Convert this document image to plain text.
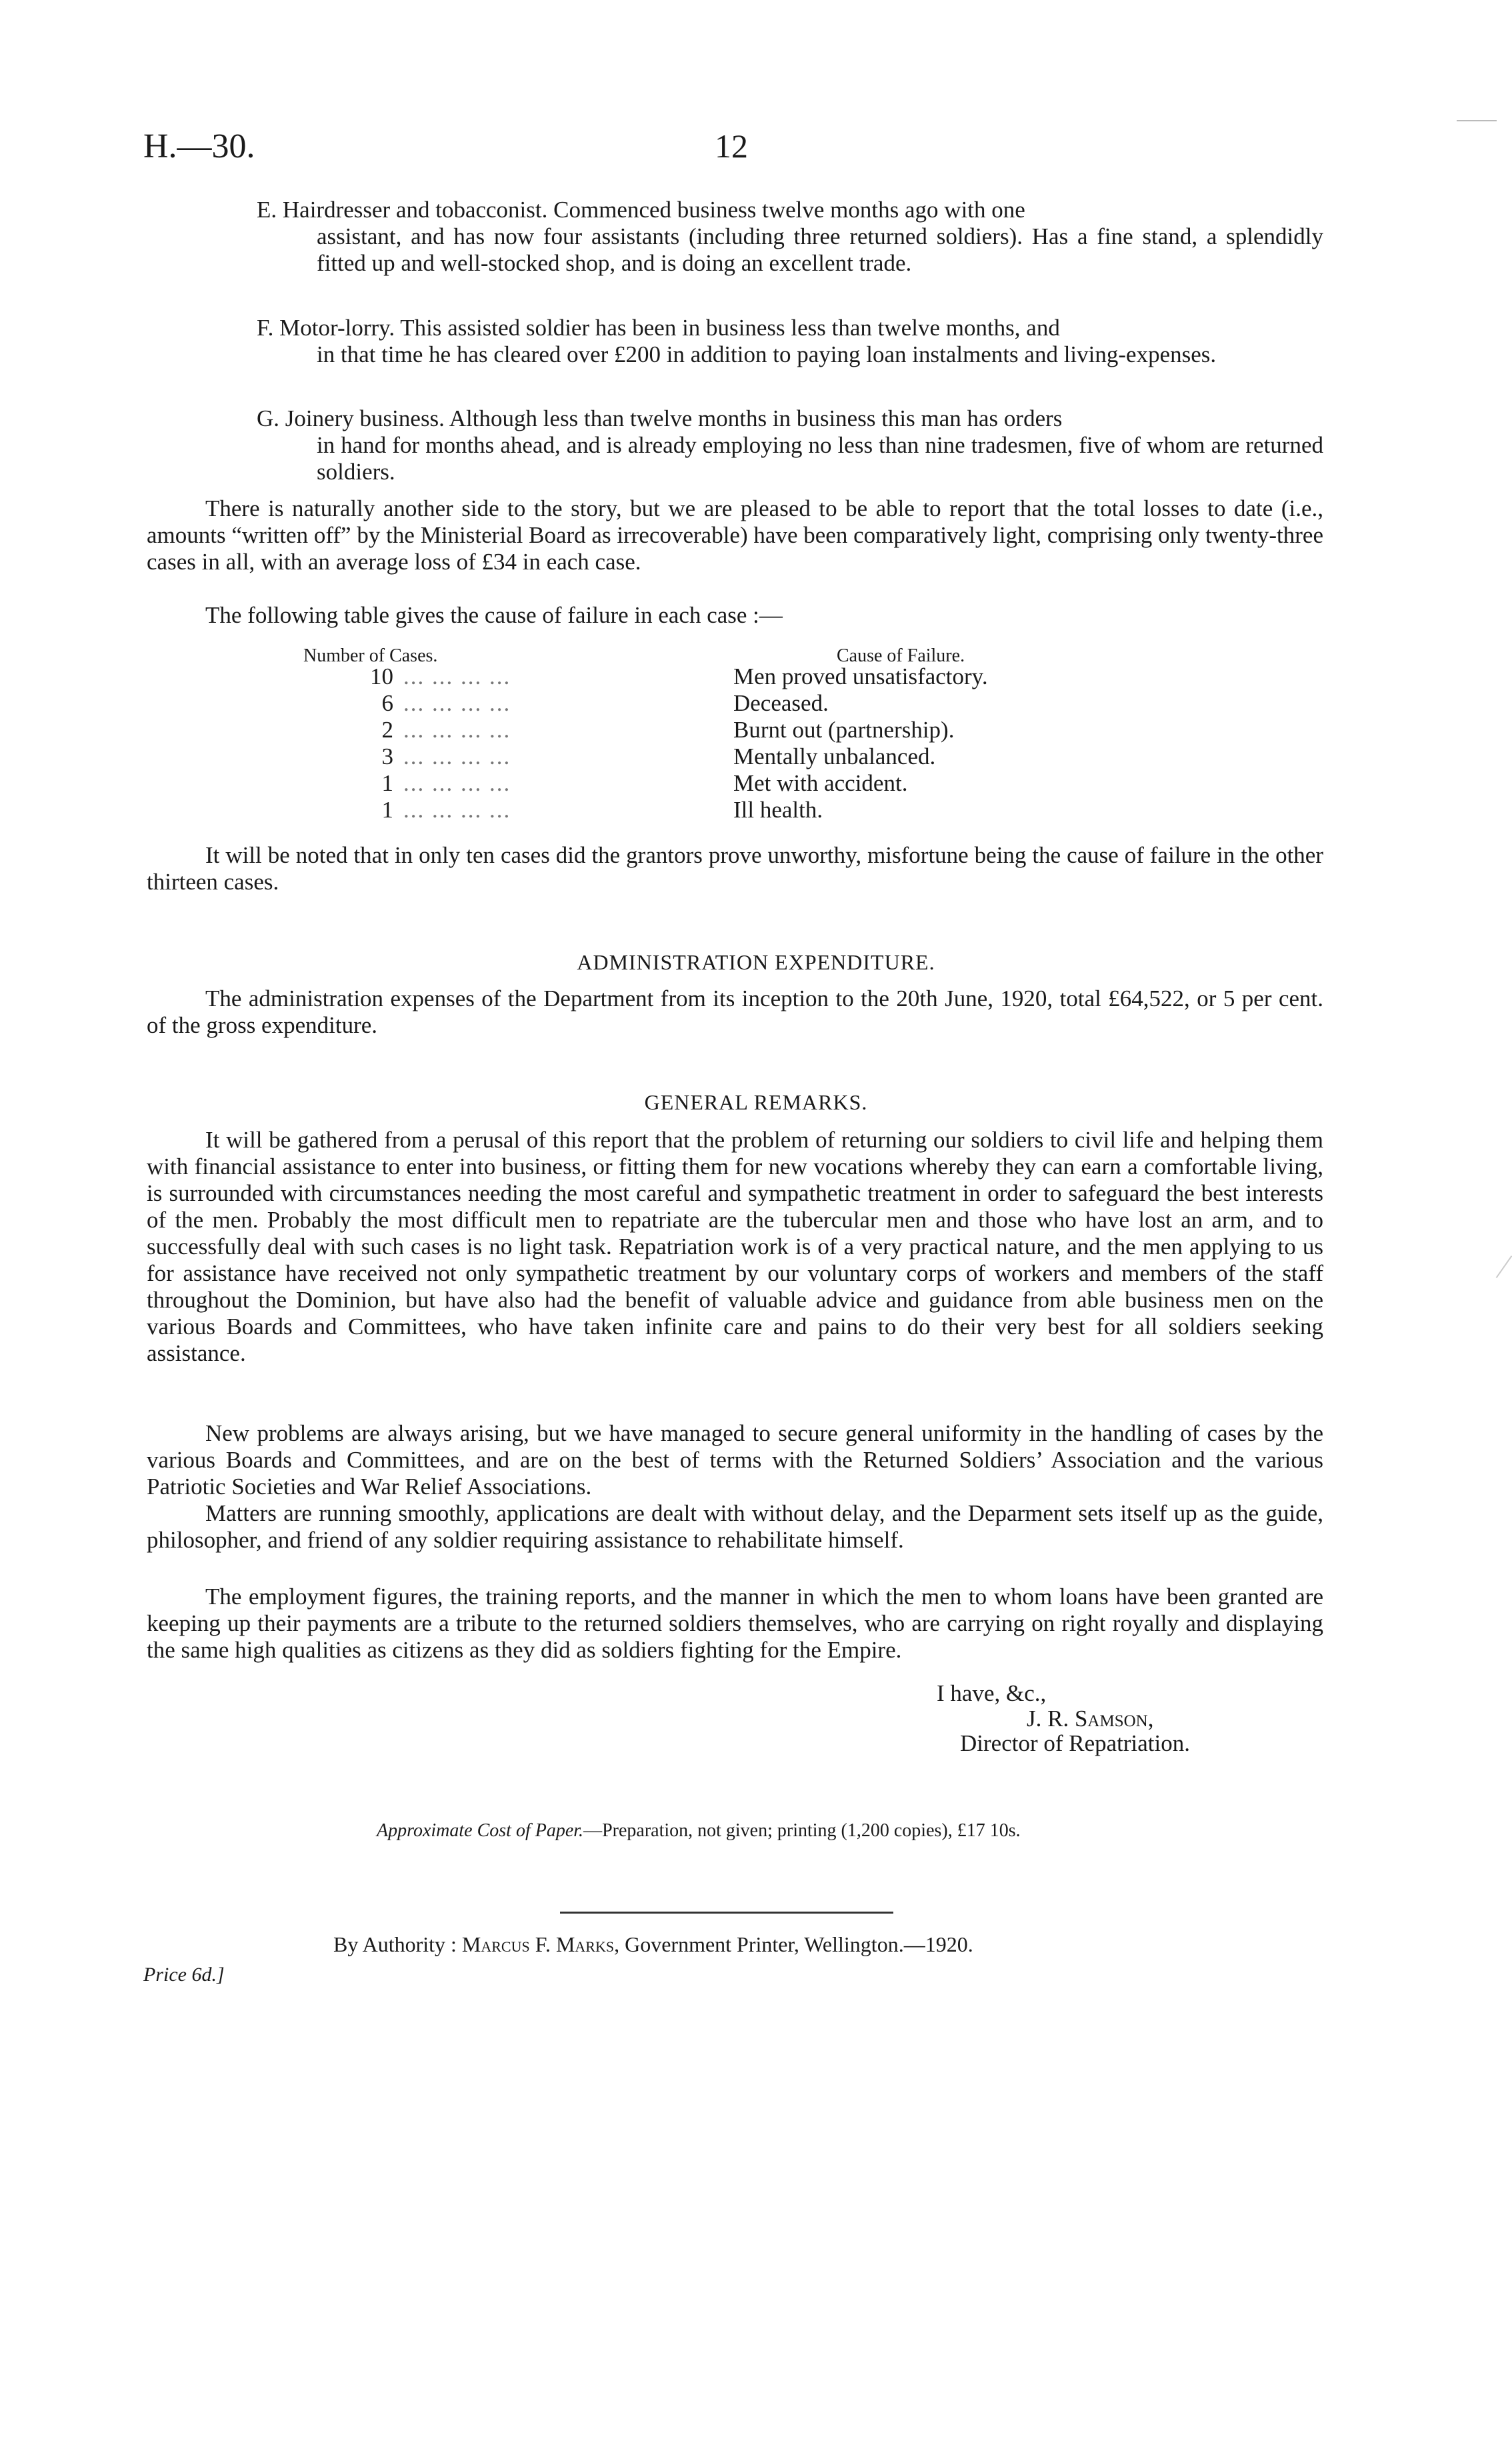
H.—30.	12
E. Hairdresser and tobacconist. Commenced business twelve months ago with one
assistant, and has now four assistants (including three returned soldiers). Has a fine stand, a splendidly fitted up and well-stocked shop, and is doing an excellent trade.
F. Motor-lorry. This assisted soldier has been in business less than twelve months, and
in that time he has cleared over £200 in addition to paying loan instalments and living-expenses.
G. Joinery business. Although less than twelve months in business this man has orders
in hand for months ahead, and is already employing no less than nine tradesmen, five of whom are returned soldiers.
There is naturally another side to the story, but we are pleased to be able to report that the total losses to date (i.e., amounts “written off” by the Ministerial Board as irrecoverable) have been comparatively light, comprising only twenty-three cases in all, with an average loss of £34 in each case.
The following table gives the cause of failure in each case :—
Number of Cases.	Cause of Failure.
10 ... ... ... ...	Men proved unsatisfactory.
6 ... ... ... ...	Deceased.
2 ... ... ... ...	Burnt out (partnership).
3 ... ... ... ...	Mentally unbalanced.
1 ... ... ... ...	Met with accident.
1 ... ... ... ...	Ill health.
It will be noted that in only ten cases did the grantors prove unworthy, misfortune being the cause of failure in the other thirteen cases.
ADMINISTRATION EXPENDITURE.
The administration expenses of the Department from its inception to the 20th June, 1920, total £64,522, or 5 per cent. of the gross expenditure.
GENERAL REMARKS.
It will be gathered from a perusal of this report that the problem of returning our soldiers to civil life and helping them with financial assistance to enter into business, or fitting them for new vocations whereby they can earn a comfortable living, is surrounded with circumstances needing the most careful and sympathetic treatment in order to safeguard the best interests of the men. Probably the most difficult men to repatriate are the tubercular men and those who have lost an arm, and to successfully deal with such cases is no light task. Repatriation work is of a very practical nature, and the men applying to us for assistance have received not only sympathetic treatment by our voluntary corps of workers and members of the staff throughout the Dominion, but have also had the benefit of valuable advice and guidance from able business men on the various Boards and Committees, who have taken infinite care and pains to do their very best for all soldiers seeking assistance.
New problems are always arising, but we have managed to secure general uniformity in the handling of cases by the various Boards and Committees, and are on the best of terms with the Returned Soldiers’ Association and the various Patriotic Societies and War Relief Associations.
Matters are running smoothly, applications are dealt with without delay, and the Deparment sets itself up as the guide, philosopher, and friend of any soldier requiring assistance to rehabilitate himself.
The employment figures, the training reports, and the manner in which the men to whom loans have been granted are keeping up their payments are a tribute to the returned soldiers themselves, who are carrying on right royally and displaying the same high qualities as citizens as they did as soldiers fighting for the Empire.
I have, &c.,
J. R. Samson,
Director of Repatriation.
Approximate Cost of Paper.—Preparation, not given; printing (1,200 copies), £17 10s.
By Authority : Marcus F. Marks, Government Printer, Wellington.—1920.
Price 6d.]
